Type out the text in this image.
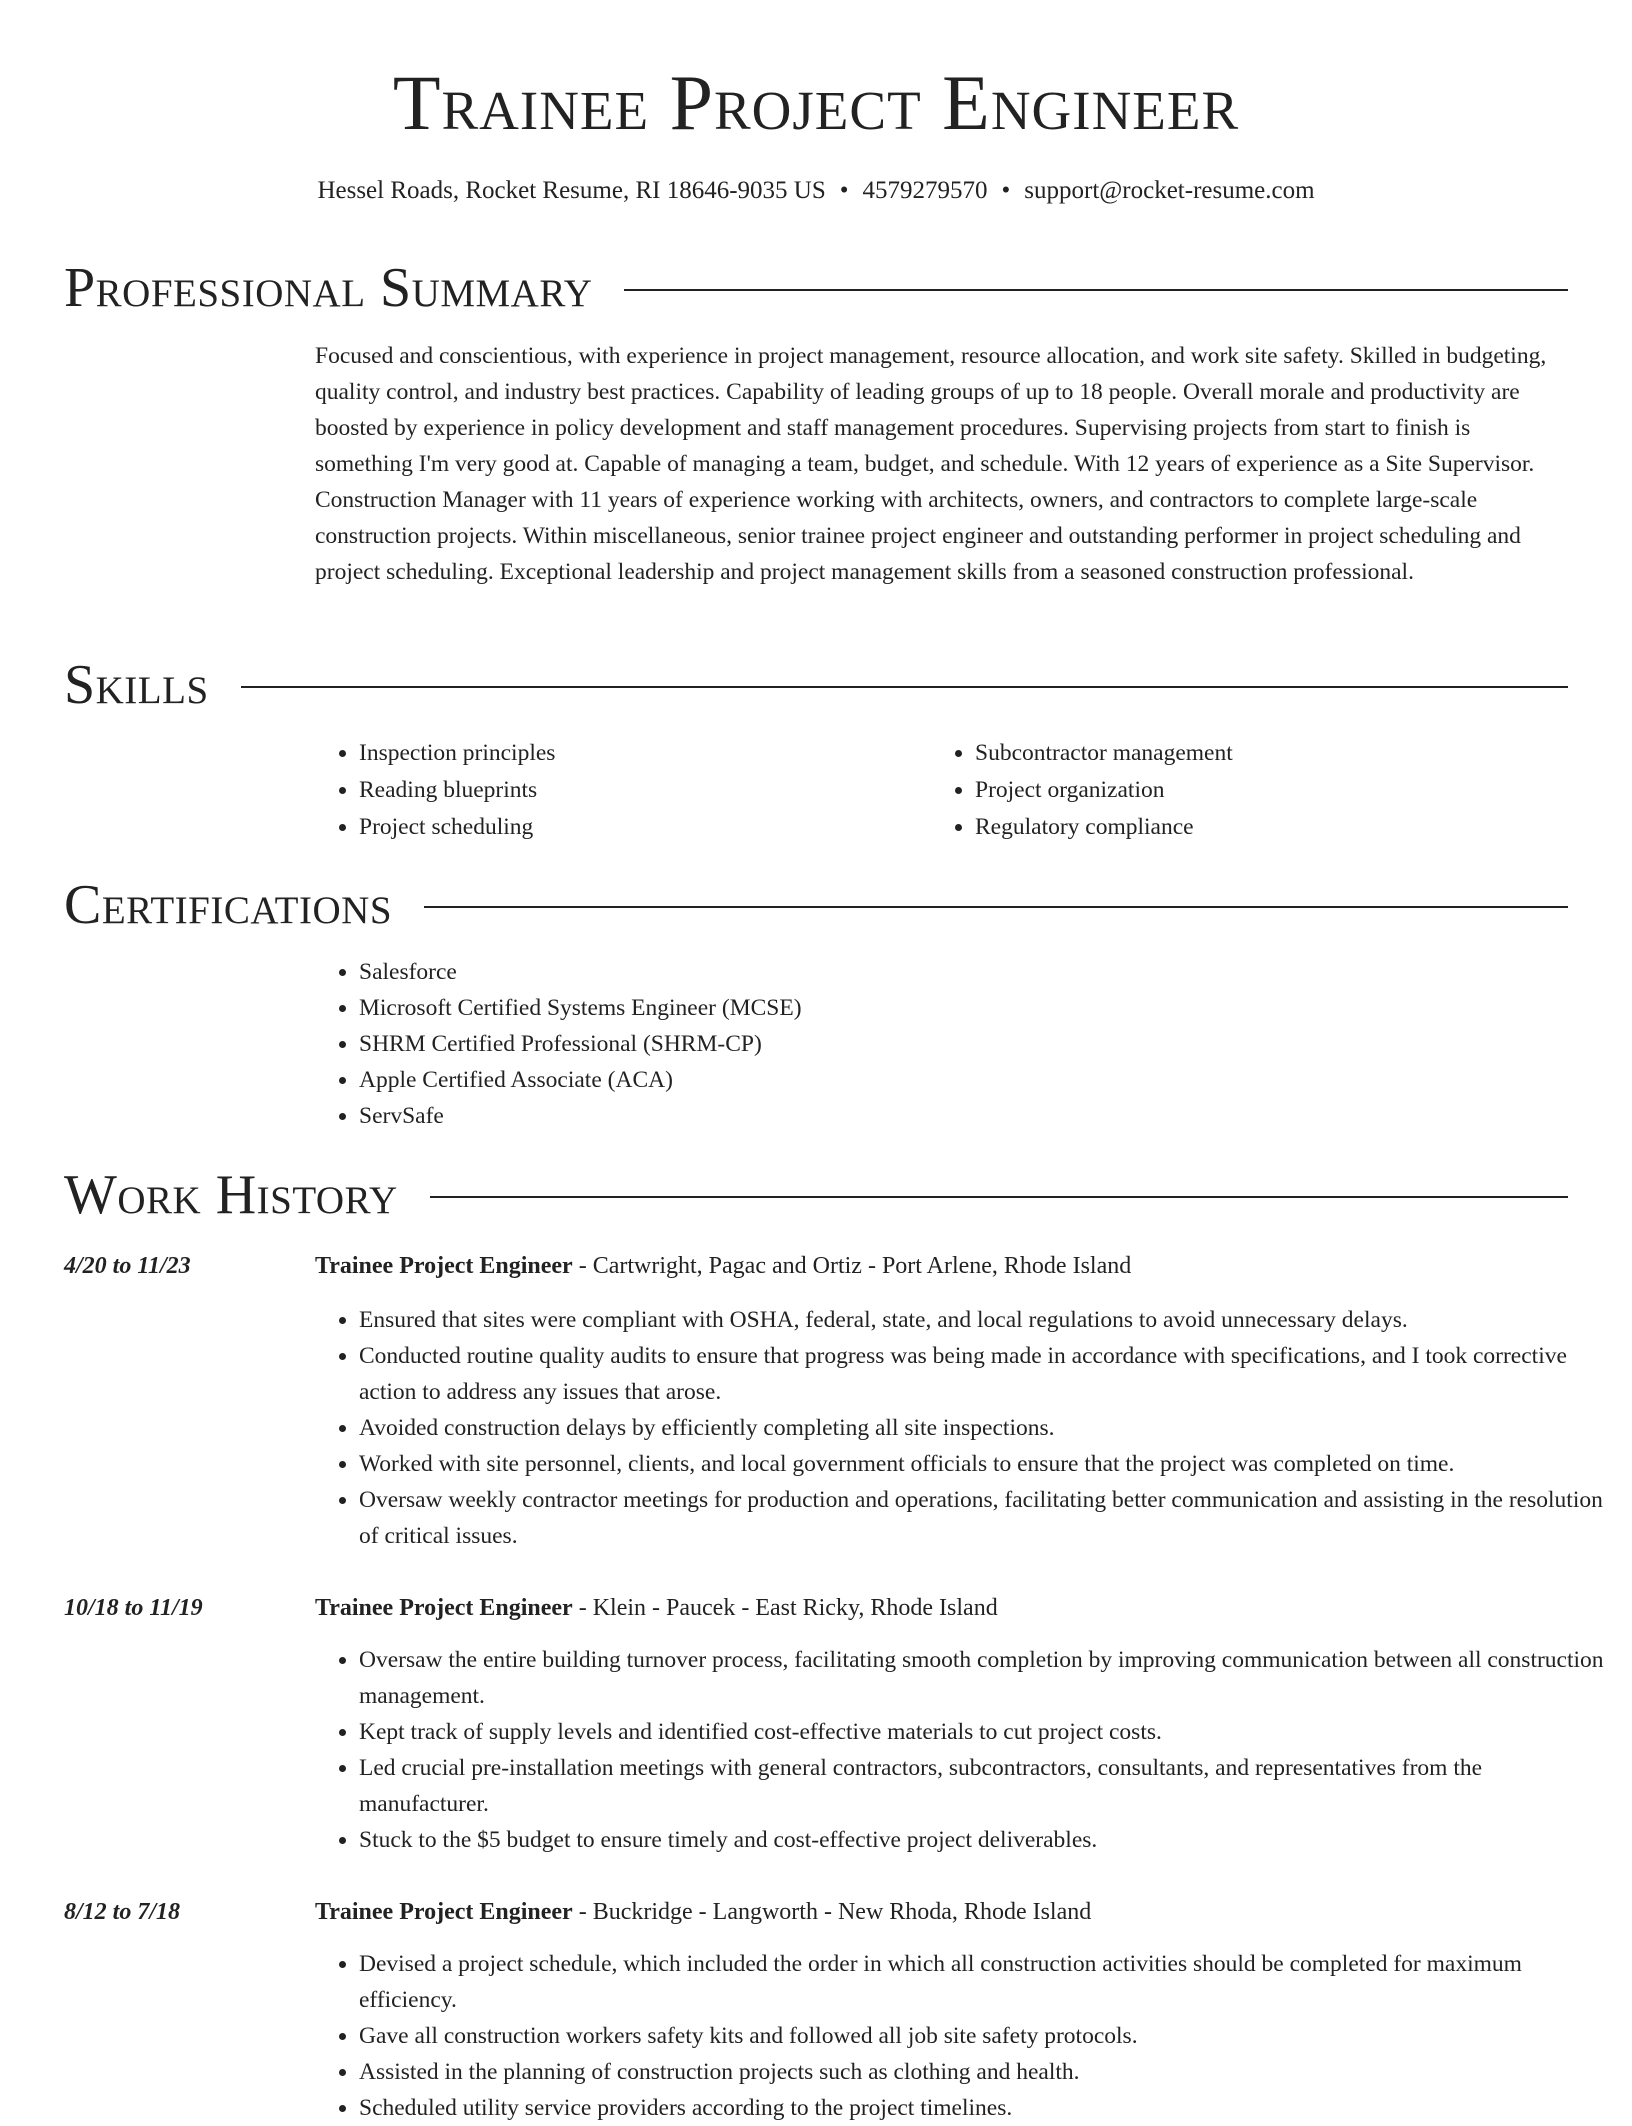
Trainee Project Engineer
Hessel Roads, Rocket Resume, RI 18646-9035 US • 4579279570 • support@rocket-resume.com
Professional Summary

Focused and conscientious, with experience in project management, resource allocation, and work site safety. Skilled in budgeting, quality control, and industry best practices. Capability of leading groups of up to 18 people. Overall morale and productivity are boosted by experience in policy development and staff management procedures. Supervising projects from start to finish is something I'm very good at. Capable of managing a team, budget, and schedule. With 12 years of experience as a Site Supervisor. Construction Manager with 11 years of experience working with architects, owners, and contractors to complete large-scale construction projects. Within miscellaneous, senior trainee project engineer and outstanding performer in project scheduling and project scheduling. Exceptional leadership and project management skills from a seasoned construction professional.

Skills
• Inspection principles
• Reading blueprints
• Project scheduling
• Subcontractor management
• Project organization
• Regulatory compliance
Certifications
• Salesforce
• Microsoft Certified Systems Engineer (MCSE)
• SHRM Certified Professional (SHRM-CP)
• Apple Certified Associate (ACA)
• ServSafe
Work History
4/20 to 11/23	Trainee Project Engineer - Cartwright, Pagac and Ortiz - Port Arlene, Rhode Island
• Ensured that sites were compliant with OSHA, federal, state, and local regulations to avoid unnecessary delays.
• Conducted routine quality audits to ensure that progress was being made in accordance with specifications, and I took corrective action to address any issues that arose.
• Avoided construction delays by efficiently completing all site inspections.
• Worked with site personnel, clients, and local government officials to ensure that the project was completed on time.
• Oversaw weekly contractor meetings for production and operations, facilitating better communication and assisting in the resolution of critical issues.
10/18 to 11/19	Trainee Project Engineer - Klein - Paucek - East Ricky, Rhode Island
• Oversaw the entire building turnover process, facilitating smooth completion by improving communication between all construction management.
• Kept track of supply levels and identified cost-effective materials to cut project costs.
• Led crucial pre-installation meetings with general contractors, subcontractors, consultants, and representatives from the manufacturer.
• Stuck to the $5 budget to ensure timely and cost-effective project deliverables.
8/12 to 7/18	Trainee Project Engineer - Buckridge - Langworth - New Rhoda, Rhode Island
• Devised a project schedule, which included the order in which all construction activities should be completed for maximum efficiency.
• Gave all construction workers safety kits and followed all job site safety protocols.
• Assisted in the planning of construction projects such as clothing and health.
• Scheduled utility service providers according to the project timelines.
